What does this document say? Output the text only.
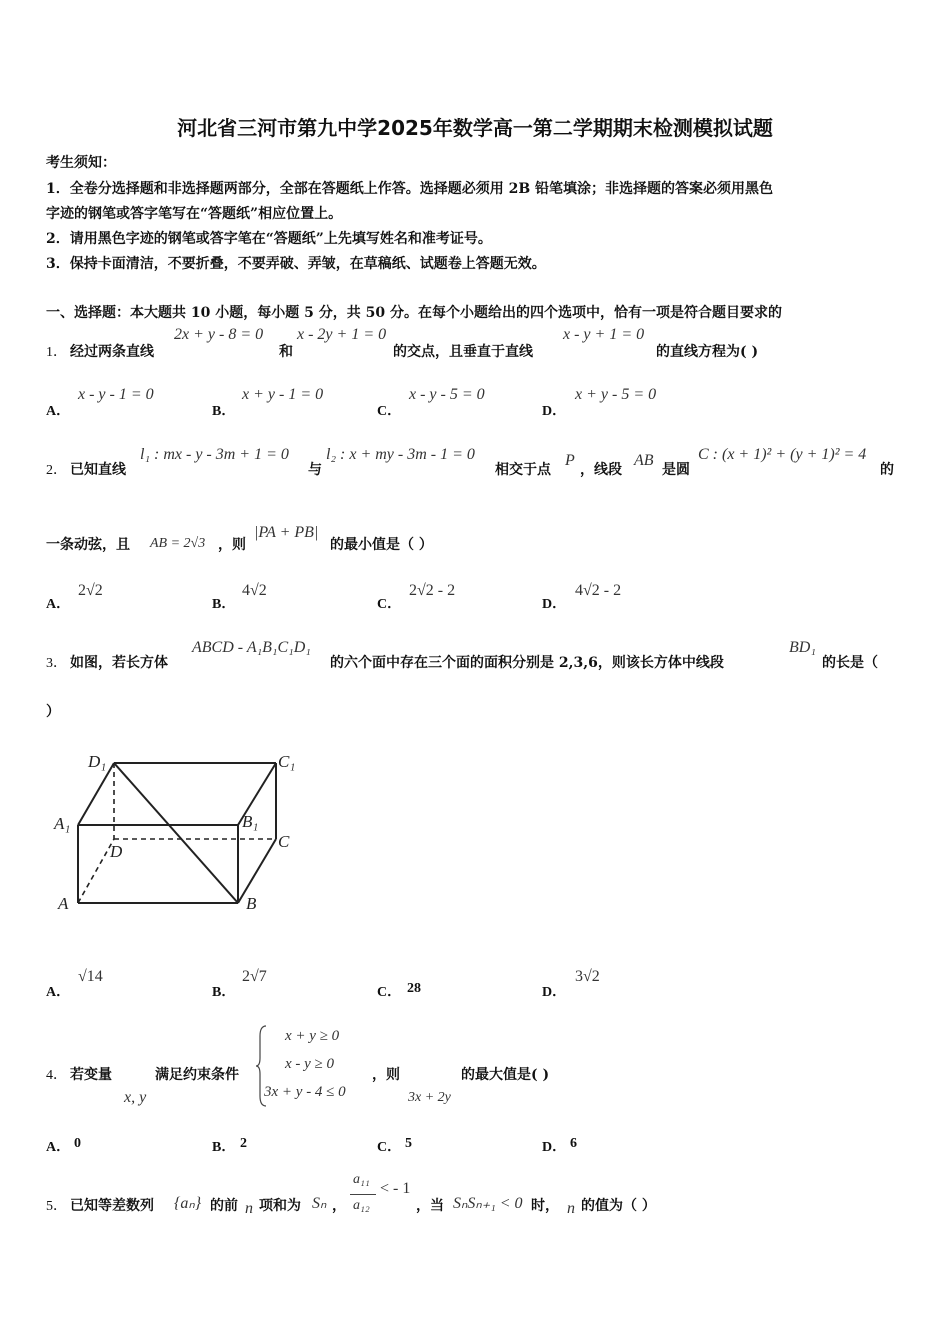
河北省三河市第九中学2025年数学高一第二学期期末检测模拟试题
考生须知：
1．全卷分选择题和非选择题两部分，全部在答题纸上作答。选择题必须用 2B 铅笔填涂；非选择题的答案必须用黑色
字迹的钢笔或答字笔写在“答题纸”相应位置上。
2．请用黑色字迹的钢笔或答字笔在“答题纸”上先填写姓名和准考证号。
3．保持卡面清洁，不要折叠，不要弄破、弄皱，在草稿纸、试题卷上答题无效。
一、选择题：本大题共 10 小题，每小题 5 分，共 50 分。在每个小题给出的四个选项中，恰有一项是符合题目要求的
1． 经过两条直线
2x + y - 8 = 0
和
x - 2y + 1 = 0
的交点，且垂直于直线
x - y + 1 = 0
的直线方程为( )
A．
x - y - 1 = 0
B．
x + y - 1 = 0
C．
x - y - 5 = 0
D．
x + y - 5 = 0
2． 已知直线
l₁ : mx - y - 3m + 1 = 0
与
l₂ : x + my - 3m - 1 = 0
相交于点
P
，线段
AB
是圆
C : (x + 1)² + (y + 1)² = 4
的
一条动弦，且 AB = 2√3 ，则
|PA + PB|
的最小值是（ ）
A．
2√2
B．
4√2
C．
2√2 - 2
D．
4√2 - 2
3． 如图，若长方体
ABCD - A₁B₁C₁D₁
的六个面中存在三个面的面积分别是 2,3,6，则该长方体中线段
BD₁
的长是（
）
D₁	C₁
A₁	B₁
D
C
A	B
A．
√14
B．
2√7
C． 28	D．
3√2
4． 若变量
x, y
满足约束条件
x + y ≥ 0
x - y ≥ 0
3x + y - 4 ≤ 0
，则
3x + 2y
的最大值是( )
A． 0	B． 2	C． 5	D． 6
5． 已知等差数列 {aₙ} 的前 n 项和为 Sₙ ，
a₁₁
a₁₂
< - 1
，当 SₙSₙ₊₁ < 0 时， n 的值为（ ）
